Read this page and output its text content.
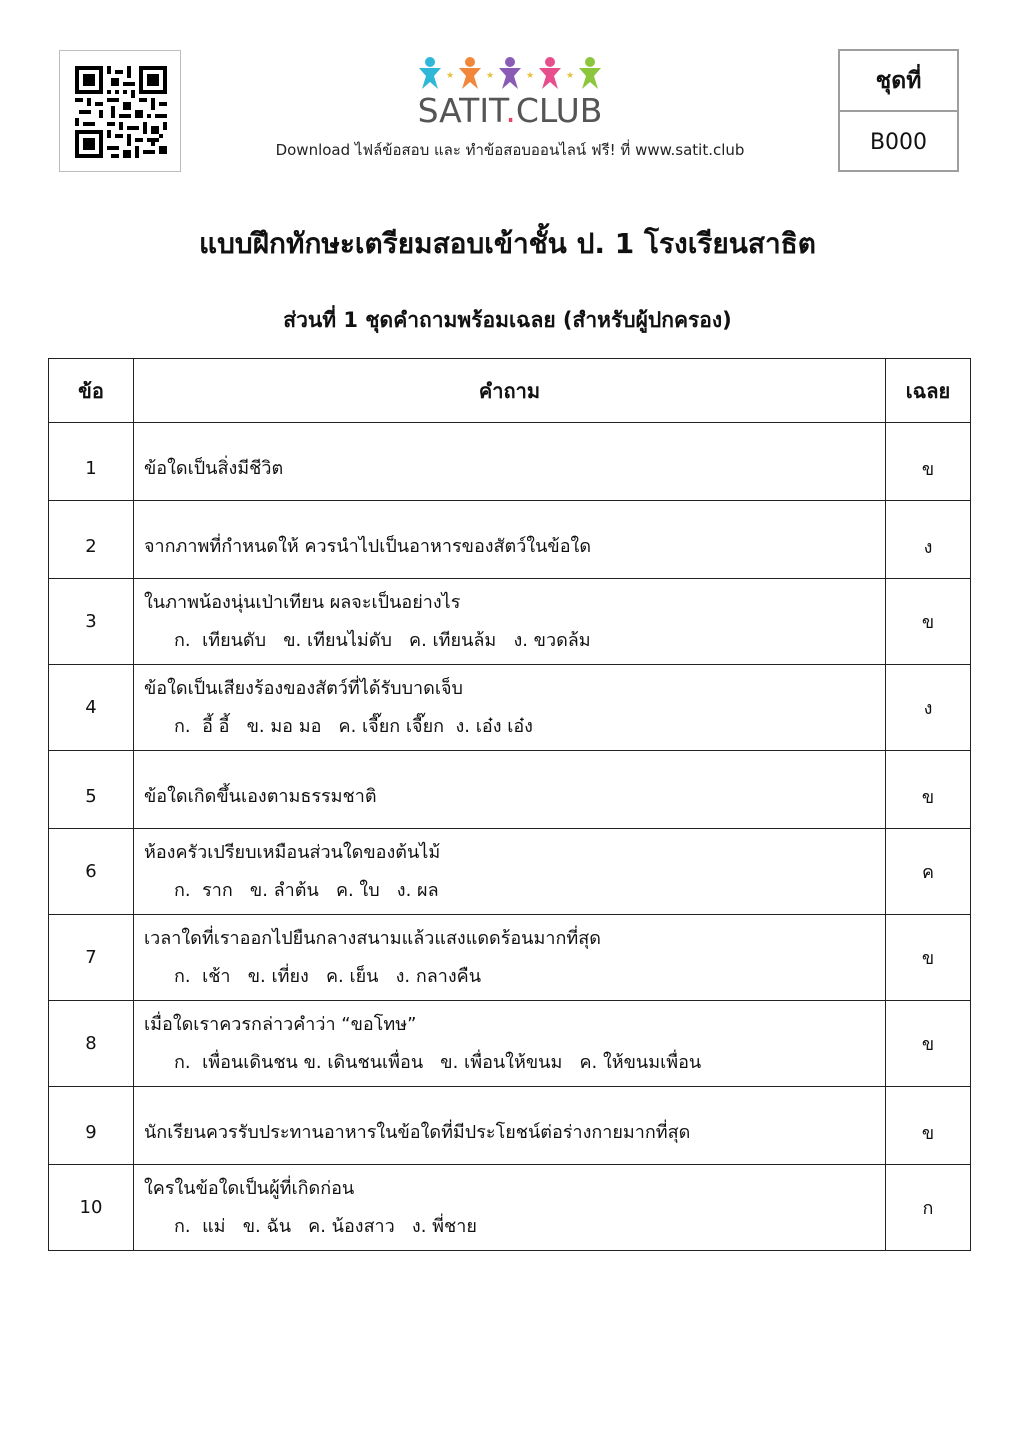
★	★	★	★
SATIT.CLUB
Download ไฟล์ข้อสอบ และ ทำข้อสอบออนไลน์ ฟรี! ที่ www.satit.club
ชุดที่
B000
แบบฝึกทักษะเตรียมสอบเข้าชั้น ป. 1 โรงเรียนสาธิต
ส่วนที่ 1 ชุดคำถามพร้อมเฉลย (สำหรับผู้ปกครอง)
ข้อ	คำถาม	เฉลย
1	ข้อใดเป็นสิ่งมีชีวิต	ข
2	จากภาพที่กำหนดให้ ควรนำไปเป็นอาหารของสัตว์ในข้อใด	ง
3	ในภาพน้องนุ่นเป่าเทียน ผลจะเป็นอย่างไร
ก.  เทียนดับ   ข. เทียนไม่ดับ   ค. เทียนล้ม   ง. ขวดล้ม	ข
4	ข้อใดเป็นเสียงร้องของสัตว์ที่ได้รับบาดเจ็บ
ก.  อี้ อี้   ข. มอ มอ   ค. เจี๊ยก เจี๊ยก  ง. เอ๋ง เอ๋ง	ง
5	ข้อใดเกิดขึ้นเองตามธรรมชาติ	ข
6	ห้องครัวเปรียบเหมือนส่วนใดของต้นไม้
ก.  ราก   ข. ลำต้น   ค. ใบ   ง. ผล	ค
7	เวลาใดที่เราออกไปยืนกลางสนามแล้วแสงแดดร้อนมากที่สุด
ก.  เช้า   ข. เที่ยง   ค. เย็น   ง. กลางคืน	ข
8	เมื่อใดเราควรกล่าวคำว่า “ขอโทษ”
ก.  เพื่อนเดินชน ข. เดินชนเพื่อน   ข. เพื่อนให้ขนม   ค. ให้ขนมเพื่อน	ข
9	นักเรียนควรรับประทานอาหารในข้อใดที่มีประโยชน์ต่อร่างกายมากที่สุด	ข
10	ใครในข้อใดเป็นผู้ที่เกิดก่อน
ก.  แม่   ข. ฉัน   ค. น้องสาว   ง. พี่ชาย	ก
